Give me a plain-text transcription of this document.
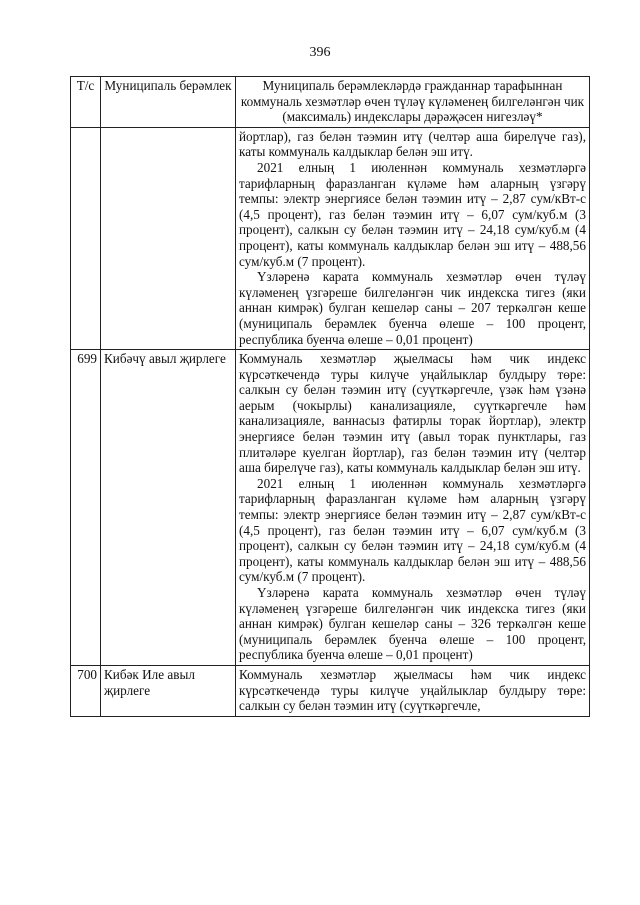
396
Т/с	Муниципаль берәмлек	Муниципаль берәмлекләрдә гражданнар тарафыннан коммуналь хезмәтләр өчен түләү күләменең билгеләнгән чик (максималь) индекслары дәрәҗәсен нигезләү*

		йортлар), газ белән тәэмин итү (челтәр аша бирелүче газ), каты коммуналь калдыклар белән эш итү.

2021 елның 1 июленнән коммуналь хезмәтләргә тарифларның фаразланган күләме һәм аларның үзгәрү темпы: электр энергиясе белән тәэмин итү – 2,87 сум/кВт-с (4,5 процент), газ белән тәэмин итү – 6,07 сум/куб.м (3 процент), салкын су белән тәэмин итү – 24,18 сум/куб.м (4 процент), каты коммуналь калдыклар белән эш итү – 488,56 сум/куб.м (7 процент).

Үзләренә карата коммуналь хезмәтләр өчен түләү күләменең үзгәреше билгеләнгән чик индекска тигез (яки аннан кимрәк) булган кешеләр саны – 207 теркәлгән кеше (муниципаль берәмлек буенча өлеше – 100 процент, республика буенча өлеше – 0,01 процент)

699	Кибәчү авыл җирлеге	Коммуналь хезмәтләр җыелмасы һәм чик индекс күрсәткечендә туры килүче уңайлыклар булдыру төре: салкын су белән тәэмин итү (суүткәргечле, үзәк һәм үзәнә аерым (чокырлы) канализацияле, суүткәргечле һәм канализацияле, ваннасыз фатирлы торак йортлар), электр энергиясе белән тәэмин итү (авыл торак пунктлары, газ плитәләре куелган йортлар), газ белән тәэмин итү (челтәр аша бирелүче газ), каты коммуналь калдыклар белән эш итү.

2021 елның 1 июленнән коммуналь хезмәтләргә тарифларның фаразланган күләме һәм аларның үзгәрү темпы: электр энергиясе белән тәэмин итү – 2,87 сум/кВт-с (4,5 процент), газ белән тәэмин итү – 6,07 сум/куб.м (3 процент), салкын су белән тәэмин итү – 24,18 сум/куб.м (4 процент), каты коммуналь калдыклар белән эш итү – 488,56 сум/куб.м (7 процент).

Үзләренә карата коммуналь хезмәтләр өчен түләү күләменең үзгәреше билгеләнгән чик индекска тигез (яки аннан кимрәк) булган кешеләр саны – 326 теркәлгән кеше (муниципаль берәмлек буенча өлеше – 100 процент, республика буенча өлеше – 0,01 процент)

700	Кибәк Иле авыл җирлеге	Коммуналь хезмәтләр җыелмасы һәм чик индекс күрсәткечендә туры килүче уңайлыклар булдыру төре: салкын су белән тәэмин итү (суүткәргечле,
